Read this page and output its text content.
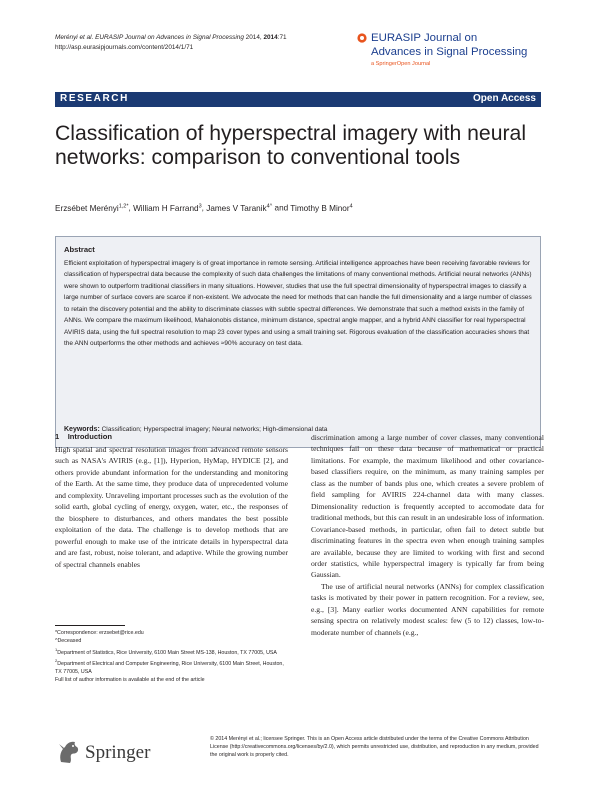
Merényi et al. EURASIP Journal on Advances in Signal Processing 2014, 2014:71
http://asp.eurasipjournals.com/content/2014/1/71
EURASIP Journal on
Advances in Signal Processing
a SpringerOpen Journal
RESEARCH	Open Access
Classification of hyperspectral imagery with neural networks: comparison to conventional tools
Erzsébet Merényi$^{1,2*}$, William H Farrand$^3$, James V Taranik$^{4\^{}}$ and Timothy B Minor$^4$
Abstract
Efficient exploitation of hyperspectral imagery is of great importance in remote sensing. Artificial intelligence approaches have been receiving favorable reviews for classification of hyperspectral data because the complexity of such data challenges the limitations of many conventional methods. Artificial neural networks (ANNs) were shown to outperform traditional classifiers in many situations. However, studies that use the full spectral dimensionality of hyperspectral images to classify a large number of surface covers are scarce if non-existent. We advocate the need for methods that can handle the full dimensionality and a large number of classes to retain the discovery potential and the ability to discriminate classes with subtle spectral differences. We demonstrate that such a method exists in the family of ANNs. We compare the maximum likelihood, Mahalonobis distance, minimum distance, spectral angle mapper, and a hybrid ANN classifier for real hyperspectral AVIRIS data, using the full spectral resolution to map 23 cover types and using a small training set. Rigorous evaluation of the classification accuracies shows that the ANN outperforms the other methods and achieves ≈90% accuracy on test data.
Keywords: Classification; Hyperspectral imagery; Neural networks; High-dimensional data
1 Introduction

High spatial and spectral resolution images from advanced remote sensors such as NASA's AVIRIS (e.g., [1]), Hyperion, HyMap, HYDICE [2], and others provide abundant information for the understanding and monitoring of the Earth. At the same time, they produce data of unprecedented volume and complexity. Unraveling important processes such as the evolution of the solid earth, global cycling of energy, oxygen, water, etc., the responses of the biosphere to disturbances, and others mandates the best possible exploitation of the data. The challenge is to develop methods that are powerful enough to make use of the intricate details in hyperspectral data and are fast, robust, noise tolerant, and adaptive. While the growing number of spectral channels enables

discrimination among a large number of cover classes, many conventional techniques fail on these data because of mathematical or practical limitations. For example, the maximum likelihood and other covariance-based classifiers require, on the minimum, as many training samples per class as the number of bands plus one, which creates a severe problem of field sampling for AVIRIS 224-channel data with many classes. Dimensionality reduction is frequently accepted to accomodate data for traditional methods, but this can result in an undesirable loss of information. Covariance-based methods, in particular, often fail to detect subtle but discriminating features in the spectra even when enough training samples are available, because they are limited to working with first and second order statistics, while hyperspectral imagery is typically far from being Gaussian.

The use of artificial neural networks (ANNs) for complex classification tasks is motivated by their power in pattern recognition. For a review, see, e.g., [3]. Many earlier works documented ANN capabilities for remote sensing spectra on relatively modest scales: few (5 to 12) classes, low-to-moderate number of channels (e.g.,

*Correspondence: erzsebet@rice.edu

^Deceased

$^1$Department of Statistics, Rice University, 6100 Main Street MS-138, Houston, TX 77005, USA

$^2$Department of Electrical and Computer Engineering, Rice University, 6100 Main Street, Houston, TX 77005, USA

Full list of author information is available at the end of the article

Springer
© 2014 Merényi et al.; licensee Springer. This is an Open Access article distributed under the terms of the Creative Commons Attribution License (http://creativecommons.org/licenses/by/2.0), which permits unrestricted use, distribution, and reproduction in any medium, provided the original work is properly cited.
